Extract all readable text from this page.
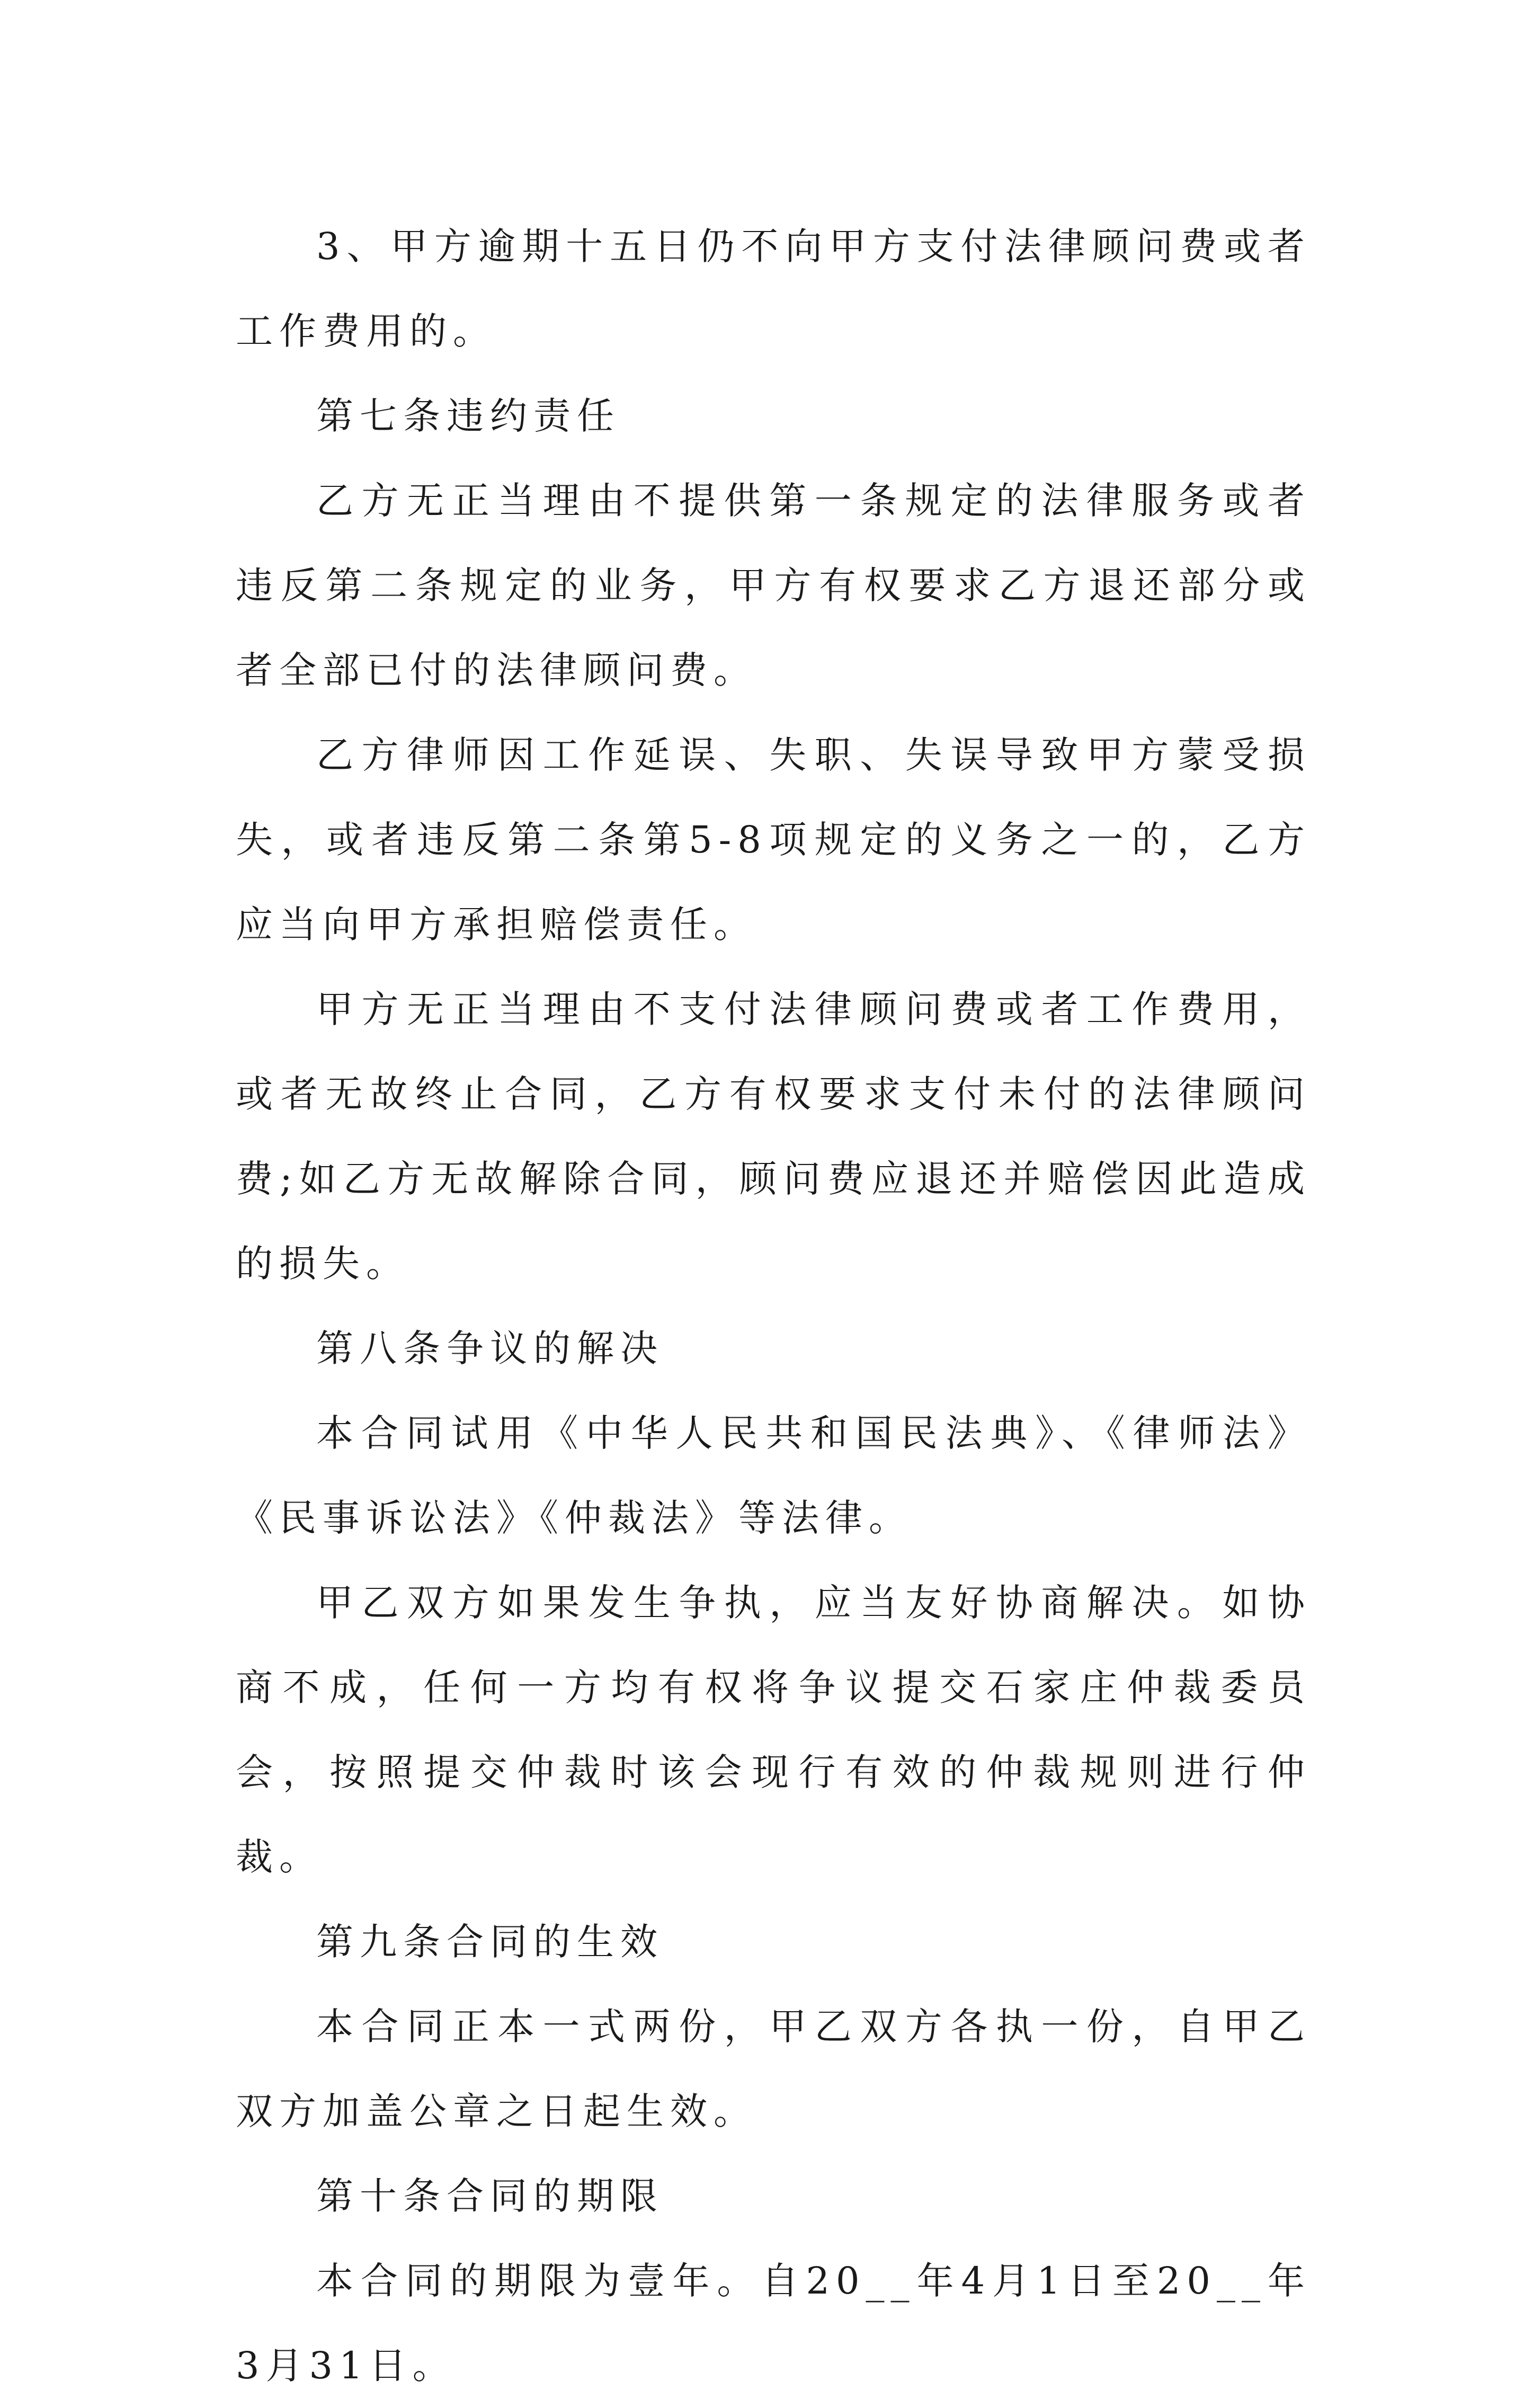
3、甲方逾期十五日仍不向甲方支付法律顾问费或者工作费用的。

第七条违约责任

乙方无正当理由不提供第一条规定的法律服务或者违反第二条规定的业务，甲方有权要求乙方退还部分或者全部已付的法律顾问费。

乙方律师因工作延误、失职、失误导致甲方蒙受损失，或者违反第二条第5-8项规定的义务之一的，乙方应当向甲方承担赔偿责任。

甲方无正当理由不支付法律顾问费或者工作费用，或者无故终止合同，乙方有权要求支付未付的法律顾问费;如乙方无故解除合同，顾问费应退还并赔偿因此造成的损失。

第八条争议的解决

本合同试用《中华人民共和国民法典》、《律师法》《民事诉讼法》《仲裁法》等法律。

甲乙双方如果发生争执，应当友好协商解决。如协商不成，任何一方均有权将争议提交石家庄仲裁委员会，按照提交仲裁时该会现行有效的仲裁规则进行仲裁。

第九条合同的生效

本合同正本一式两份，甲乙双方各执一份，自甲乙双方加盖公章之日起生效。

第十条合同的期限

本合同的期限为壹年。自20__年4月1日至20__年3月31日。
